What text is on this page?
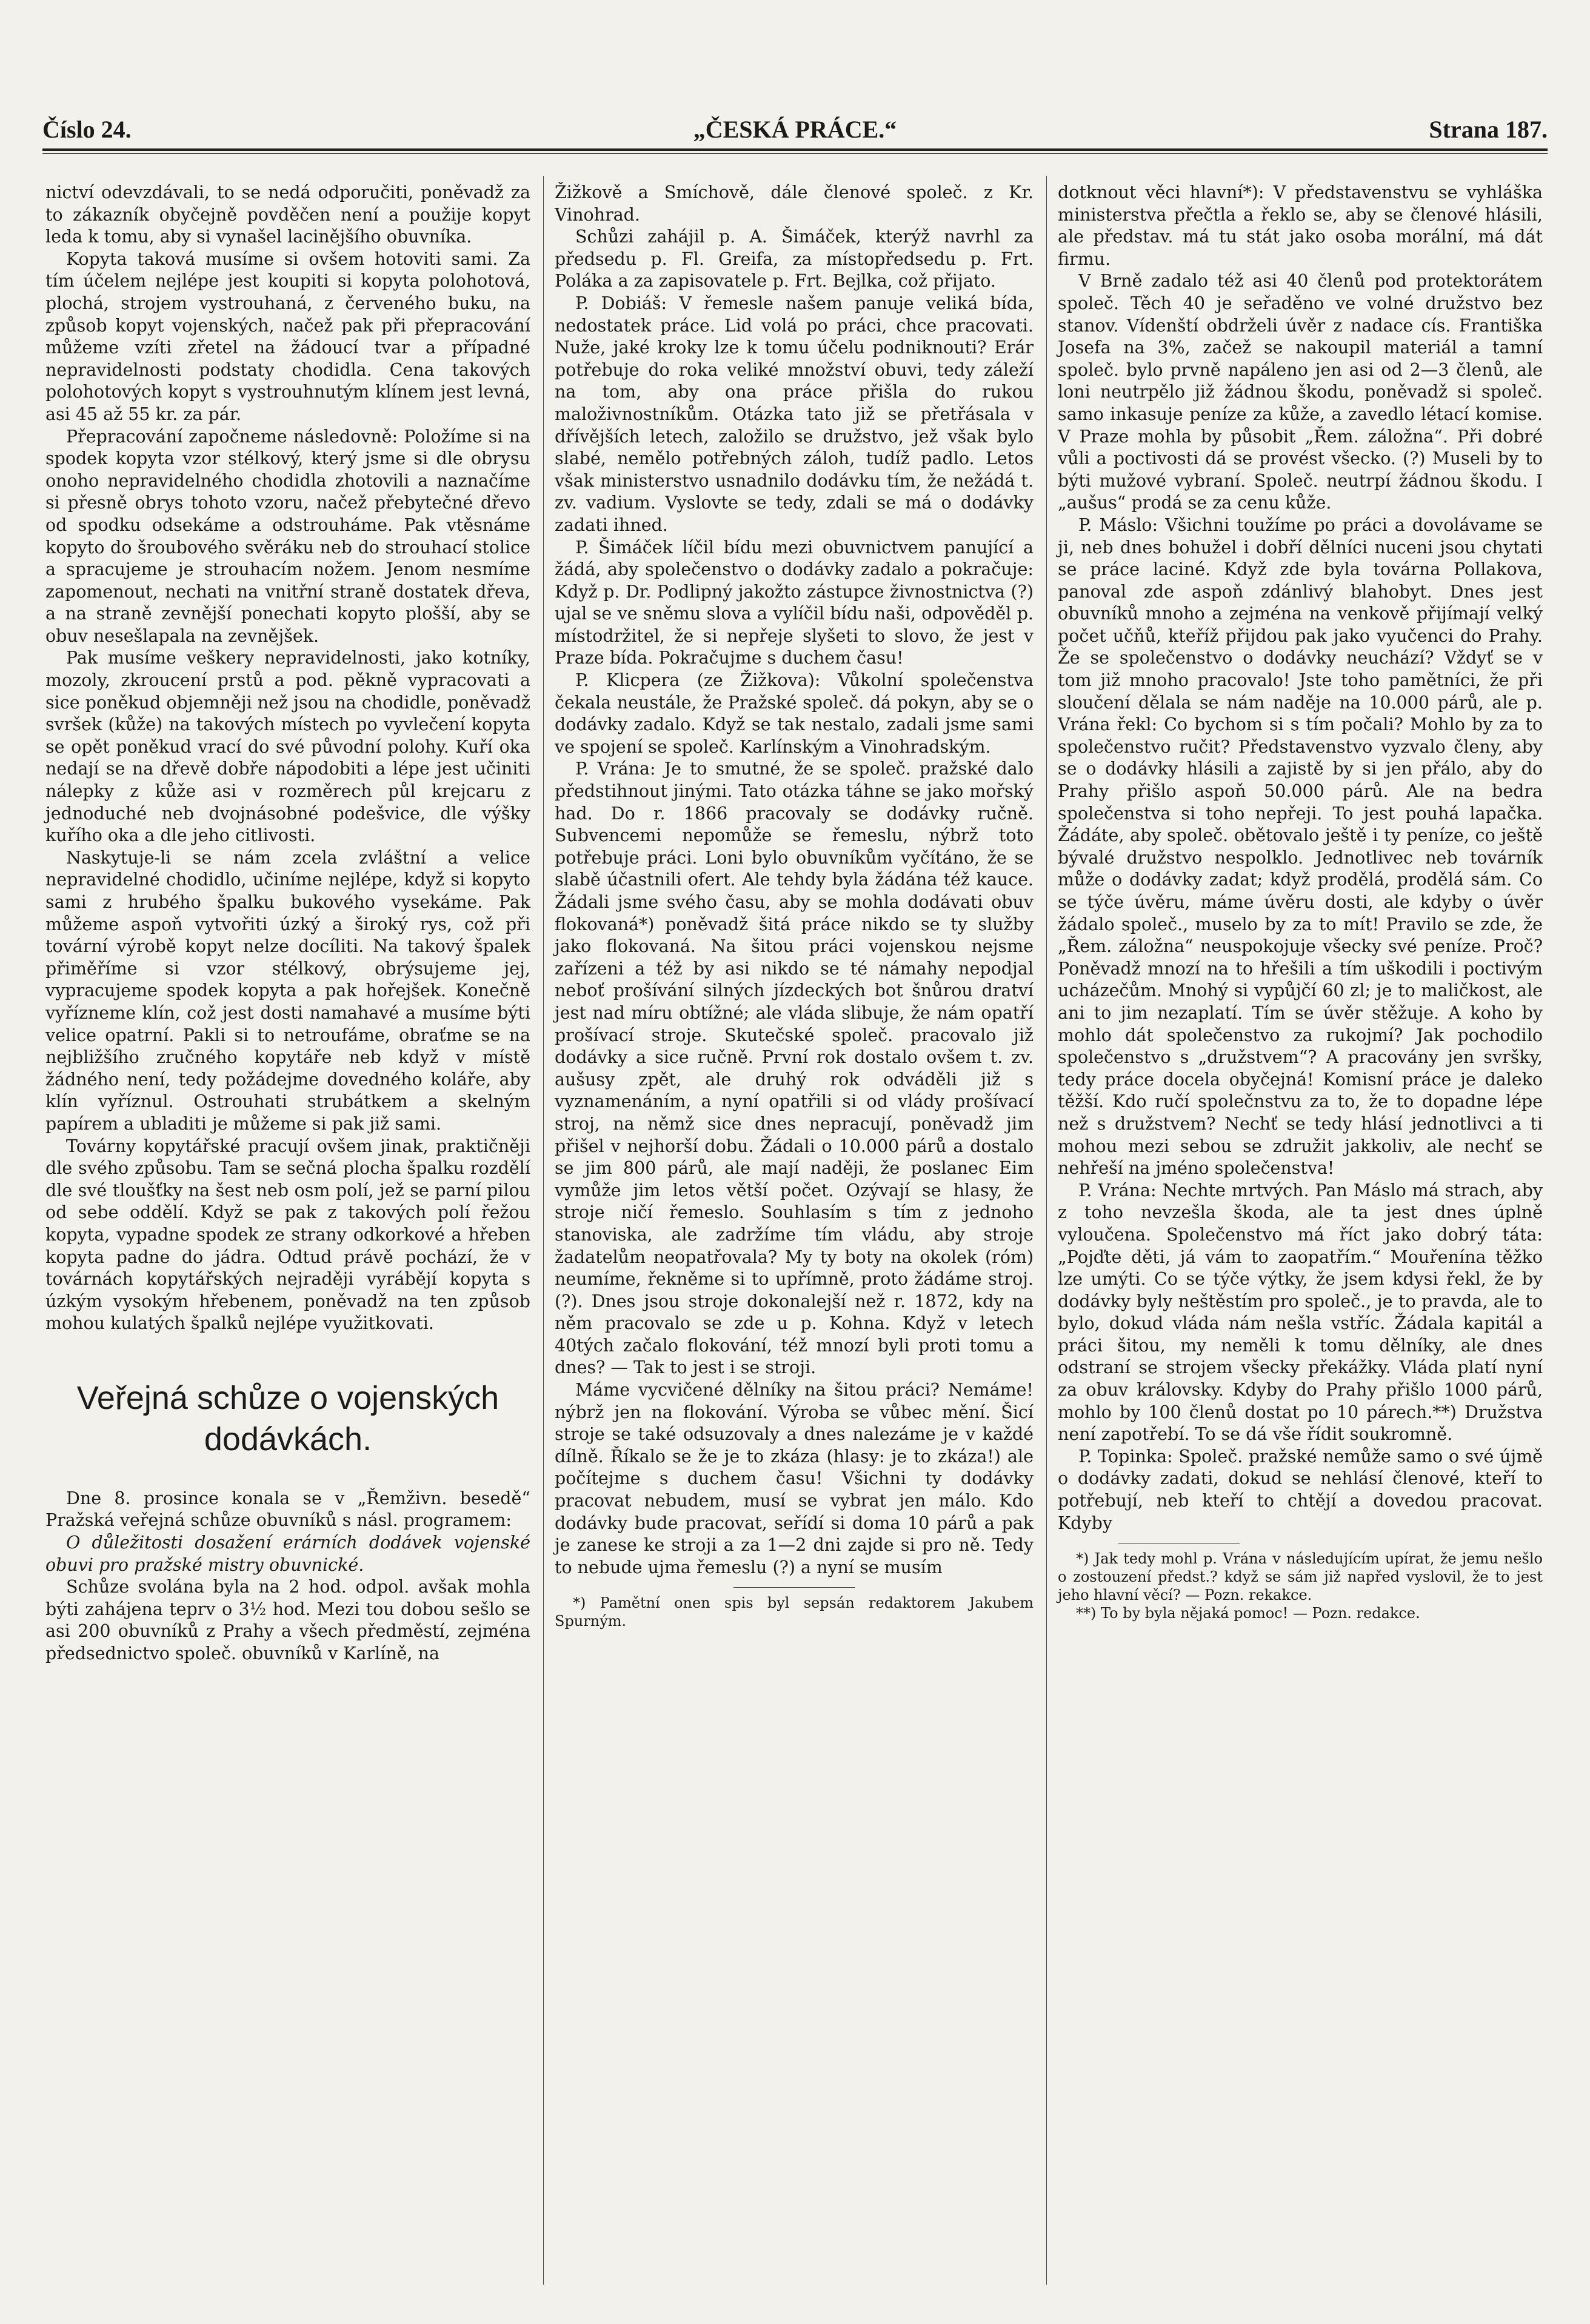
Číslo 24.	„ČESKÁ PRÁCE.“	Strana 187.

nictví odevzdávali, to se nedá odporučiti, poněvadž za to zákazník obyčejně povděčen není a použije kopyt leda k tomu, aby si vynašel lacinějšího obuvníka.

Kopyta taková musíme si ovšem hotoviti sami. Za tím účelem nejlépe jest koupiti si kopyta polohotová, plochá, strojem vystrouhaná, z červeného buku, na způsob kopyt vojenských, načež pak při přepracování můžeme vzíti zřetel na žádoucí tvar a případné nepravidelnosti podstaty chodidla. Cena takových polohotových kopyt s vystrouhnutým klínem jest levná, asi 45 až 55 kr. za pár.

Přepracování započneme následovně: Položíme si na spodek kopyta vzor stélkový, který jsme si dle obrysu onoho nepravidelného chodidla zhotovili a naznačíme si přesně obrys tohoto vzoru, načež přebytečné dřevo od spodku odsekáme a odstrouháme. Pak vtěsnáme kopyto do šroubového svěráku neb do strouhací stolice a spracujeme je strouhacím nožem. Jenom nesmíme zapomenout, nechati na vnitřní straně dostatek dřeva, a na straně zevnější ponechati kopyto plošší, aby se obuv nesešlapala na zevnějšek.

Pak musíme veškery nepravidelnosti, jako kotníky, mozoly, zkroucení prstů a pod. pěkně vypracovati a sice poněkud objemněji než jsou na chodidle, poněvadž svršek (kůže) na takových místech po vyvlečení kopyta se opět poněkud vrací do své původní polohy. Kuří oka nedají se na dřevě dobře nápodobiti a lépe jest učiniti nálepky z kůže asi v rozměrech půl krejcaru z jednoduché neb dvojnásobné podešvice, dle výšky kuřího oka a dle jeho citlivosti.

Naskytuje-li se nám zcela zvláštní a velice nepravidelné chodidlo, učiníme nejlépe, když si kopyto sami z hrubého špalku bukového vysekáme. Pak můžeme aspoň vytvořiti úzký a široký rys, což při tovární výrobě kopyt nelze docíliti. Na takový špalek přiměříme si vzor stélkový, obrýsujeme jej, vypracujeme spodek kopyta a pak hořejšek. Konečně vyřízneme klín, což jest dosti namahavé a musíme býti velice opatrní. Pakli si to netroufáme, obraťme se na nejbližšího zručného kopytáře neb když v místě žádného není, tedy požádejme dovedného koláře, aby klín vyříznul. Ostrouhati strubátkem a skelným papírem a ubladiti je můžeme si pak již sami.

Továrny kopytářské pracují ovšem jinak, praktičněji dle svého způsobu. Tam se sečná plocha špalku rozdělí dle své tloušťky na šest neb osm polí, jež se parní pilou od sebe oddělí. Když se pak z takových polí řežou kopyta, vypadne spodek ze strany odkorkové a hřeben kopyta padne do jádra. Odtud právě pochází, že v továrnách kopytářských nejraději vyrábějí kopyta s úzkým vysokým hřebenem, poněvadž na ten způsob mohou kulatých špalků nejlépe využitkovati.

Veřejná schůze o vojenských dodávkách.

Dne 8. prosince konala se v „Řemživn. besedě“ Pražská veřejná schůze obuvníků s násl. programem:

O důležitosti dosažení erárních dodávek vojenské obuvi pro pražské mistry obuvnické.

Schůze svolána byla na 2 hod. odpol. avšak mohla býti zahájena teprv o 3½ hod. Mezi tou dobou sešlo se asi 200 obuvníků z Prahy a všech předměstí, zejména předsednictvo společ. obuvníků v Karlíně, na

Žižkově a Smíchově, dále členové společ. z Kr. Vinohrad.

Schůzi zahájil p. A. Šimáček, kterýž navrhl za předsedu p. Fl. Greifa, za místopředsedu p. Frt. Poláka a za zapisovatele p. Frt. Bejlka, což přijato.

P. Dobiáš: V řemesle našem panuje veliká bída, nedostatek práce. Lid volá po práci, chce pracovati. Nuže, jaké kroky lze k tomu účelu podniknouti? Erár potřebuje do roka veliké množství obuvi, tedy záleží na tom, aby ona práce přišla do rukou maloživnostníkům. Otázka tato již se přetřásala v dřívějších letech, založilo se družstvo, jež však bylo slabé, nemělo potřebných záloh, tudíž padlo. Letos však ministerstvo usnadnilo dodávku tím, že nežádá t. zv. vadium. Vyslovte se tedy, zdali se má o dodávky zadati ihned.

P. Šimáček líčil bídu mezi obuvnictvem panující a žádá, aby společenstvo o dodávky zadalo a pokračuje: Když p. Dr. Podlipný jakožto zástupce živnostnictva (?) ujal se ve sněmu slova a vylíčil bídu naši, odpověděl p. místodržitel, že si nepřeje slyšeti to slovo, že jest v Praze bída. Pokračujme s duchem času!

P. Klicpera (ze Žižkova): Vůkolní společenstva čekala neustále, že Pražské společ. dá pokyn, aby se o dodávky zadalo. Když se tak nestalo, zadali jsme sami ve spojení se společ. Karlínským a Vinohradským.

P. Vrána: Je to smutné, že se společ. pražské dalo předstihnout jinými. Tato otázka táhne se jako mořský had. Do r. 1866 pracovaly se dodávky ručně. Subvencemi nepomůže se řemeslu, nýbrž toto potřebuje práci. Loni bylo obuvníkům vyčítáno, že se slabě účastnili ofert. Ale tehdy byla žádána též kauce. Žádali jsme svého času, aby se mohla dodávati obuv flokovaná*) poněvadž šitá práce nikdo se ty služby jako flokovaná. Na šitou práci vojenskou nejsme zařízeni a též by asi nikdo se té námahy nepodjal neboť prošívání silných jízdeckých bot šnůrou dratví jest nad míru obtížné; ale vláda slibuje, že nám opatří prošívací stroje. Skutečské společ. pracovalo již dodávky a sice ručně. První rok dostalo ovšem t. zv. aušusy zpět, ale druhý rok odváděli již s vyznamenáním, a nyní opatřili si od vlády prošívací stroj, na němž sice dnes nepracují, poněvadž jim přišel v nejhorší dobu. Žádali o 10.000 párů a dostalo se jim 800 párů, ale mají naději, že poslanec Eim vymůže jim letos větší počet. Ozývají se hlasy, že stroje ničí řemeslo. Souhlasím s tím z jednoho stanoviska, ale zadržíme tím vládu, aby stroje žadatelům neopatřovala? My ty boty na okolek (róm) neumíme, řekněme si to upřímně, proto žádáme stroj. (?). Dnes jsou stroje dokonalejší než r. 1872, kdy na něm pracovalo se zde u p. Kohna. Když v letech 40tých začalo flokování, též mnozí byli proti tomu a dnes? — Tak to jest i se stroji.

Máme vycvičené dělníky na šitou práci? Nemáme! nýbrž jen na flokování. Výroba se vůbec mění. Šicí stroje se také odsuzovaly a dnes nalezáme je v každé dílně. Říkalo se že je to zkáza (hlasy: je to zkáza!) ale počítejme s duchem času! Všichni ty dodávky pracovat nebudem, musí se vybrat jen málo. Kdo dodávky bude pracovat, seřídí si doma 10 párů a pak je zanese ke stroji a za 1—2 dni zajde si pro ně. Tedy to nebude ujma řemeslu (?) a nyní se musím

*) Pamětní onen spis byl sepsán redaktorem Jakubem Spurným.

dotknout věci hlavní*): V představenstvu se vyhláška ministerstva přečtla a řeklo se, aby se členové hlásili, ale představ. má tu stát jako osoba morální, má dát firmu.

V Brně zadalo též asi 40 členů pod protektorátem společ. Těch 40 je seřaděno ve volné družstvo bez stanov. Vídenští obdrželi úvěr z nadace cís. Františka Josefa na 3%, začež se nakoupil materiál a tamní společ. bylo prvně napáleno jen asi od 2—3 členů, ale loni neutrpělo již žádnou škodu, poněvadž si společ. samo inkasuje peníze za kůže, a zavedlo létací komise. V Praze mohla by působit „Řem. záložna“. Při dobré vůli a poctivosti dá se provést všecko. (?) Museli by to býti mužové vybraní. Společ. neutrpí žádnou škodu. I „aušus“ prodá se za cenu kůže.

P. Máslo: Všichni toužíme po práci a dovolávame se ji, neb dnes bohužel i dobří dělníci nuceni jsou chytati se práce laciné. Když zde byla továrna Pollakova, panoval zde aspoň zdánlivý blahobyt. Dnes jest obuvníků mnoho a zejména na venkově přijímají velký počet učňů, kteříž přijdou pak jako vyučenci do Prahy. Že se společenstvo o dodávky neuchází? Vždyť se v tom již mnoho pracovalo! Jste toho pamětníci, že při sloučení dělala se nám naděje na 10.000 párů, ale p. Vrána řekl: Co bychom si s tím počali? Mohlo by za to společenstvo ručit? Představenstvo vyzvalo členy, aby se o dodávky hlásili a zajistě by si jen přálo, aby do Prahy přišlo aspoň 50.000 párů. Ale na bedra společenstva si toho nepřeji. To jest pouhá lapačka. Žádáte, aby společ. obětovalo ještě i ty peníze, co ještě bývalé družstvo nespolklo. Jednotlivec neb továrník může o dodávky zadat; když prodělá, prodělá sám. Co se týče úvěru, máme úvěru dosti, ale kdyby o úvěr žádalo společ., muselo by za to mít! Pravilo se zde, že „Řem. záložna“ neuspokojuje všecky své peníze. Proč? Poněvadž mnozí na to hřešili a tím uškodili i poctivým ucházečům. Mnohý si vypůjčí 60 zl; je to maličkost, ale ani to jim nezaplatí. Tím se úvěr stěžuje. A koho by mohlo dát společenstvo za rukojmí? Jak pochodilo společenstvo s „družstvem“? A pracovány jen svršky, tedy práce docela obyčejná! Komisní práce je daleko těžší. Kdo ručí společnstvu za to, že to dopadne lépe než s družstvem? Nechť se tedy hlásí jednotlivci a ti mohou mezi sebou se združit jakkoliv, ale nechť se nehřeší na jméno společenstva!

P. Vrána: Nechte mrtvých. Pan Máslo má strach, aby z toho nevzešla škoda, ale ta jest dnes úplně vyloučena. Společenstvo má říct jako dobrý táta: „Pojďte děti, já vám to zaopatřím.“ Mouřenína těžko lze umýti. Co se týče výtky, že jsem kdysi řekl, že by dodávky byly neštěstím pro společ., je to pravda, ale to bylo, dokud vláda nám nešla vstříc. Žádala kapitál a práci šitou, my neměli k tomu dělníky, ale dnes odstraní se strojem všecky překážky. Vláda platí nyní za obuv královsky. Kdyby do Prahy přišlo 1000 párů, mohlo by 100 členů dostat po 10 párech.**) Družstva není zapotřebí. To se dá vše řídit soukromně.

P. Topinka: Společ. pražské nemůže samo o své újmě o dodávky zadati, dokud se nehlásí členové, kteří to potřebují, neb kteří to chtějí a dovedou pracovat. Kdyby

*) Jak tedy mohl p. Vrána v následujícím upírat, že jemu nešlo o zostouzení předst.? když se sám již napřed vyslovil, že to jest jeho hlavní věcí? — Pozn. rekakce.

**) To by byla nějaká pomoc! — Pozn. redakce.
